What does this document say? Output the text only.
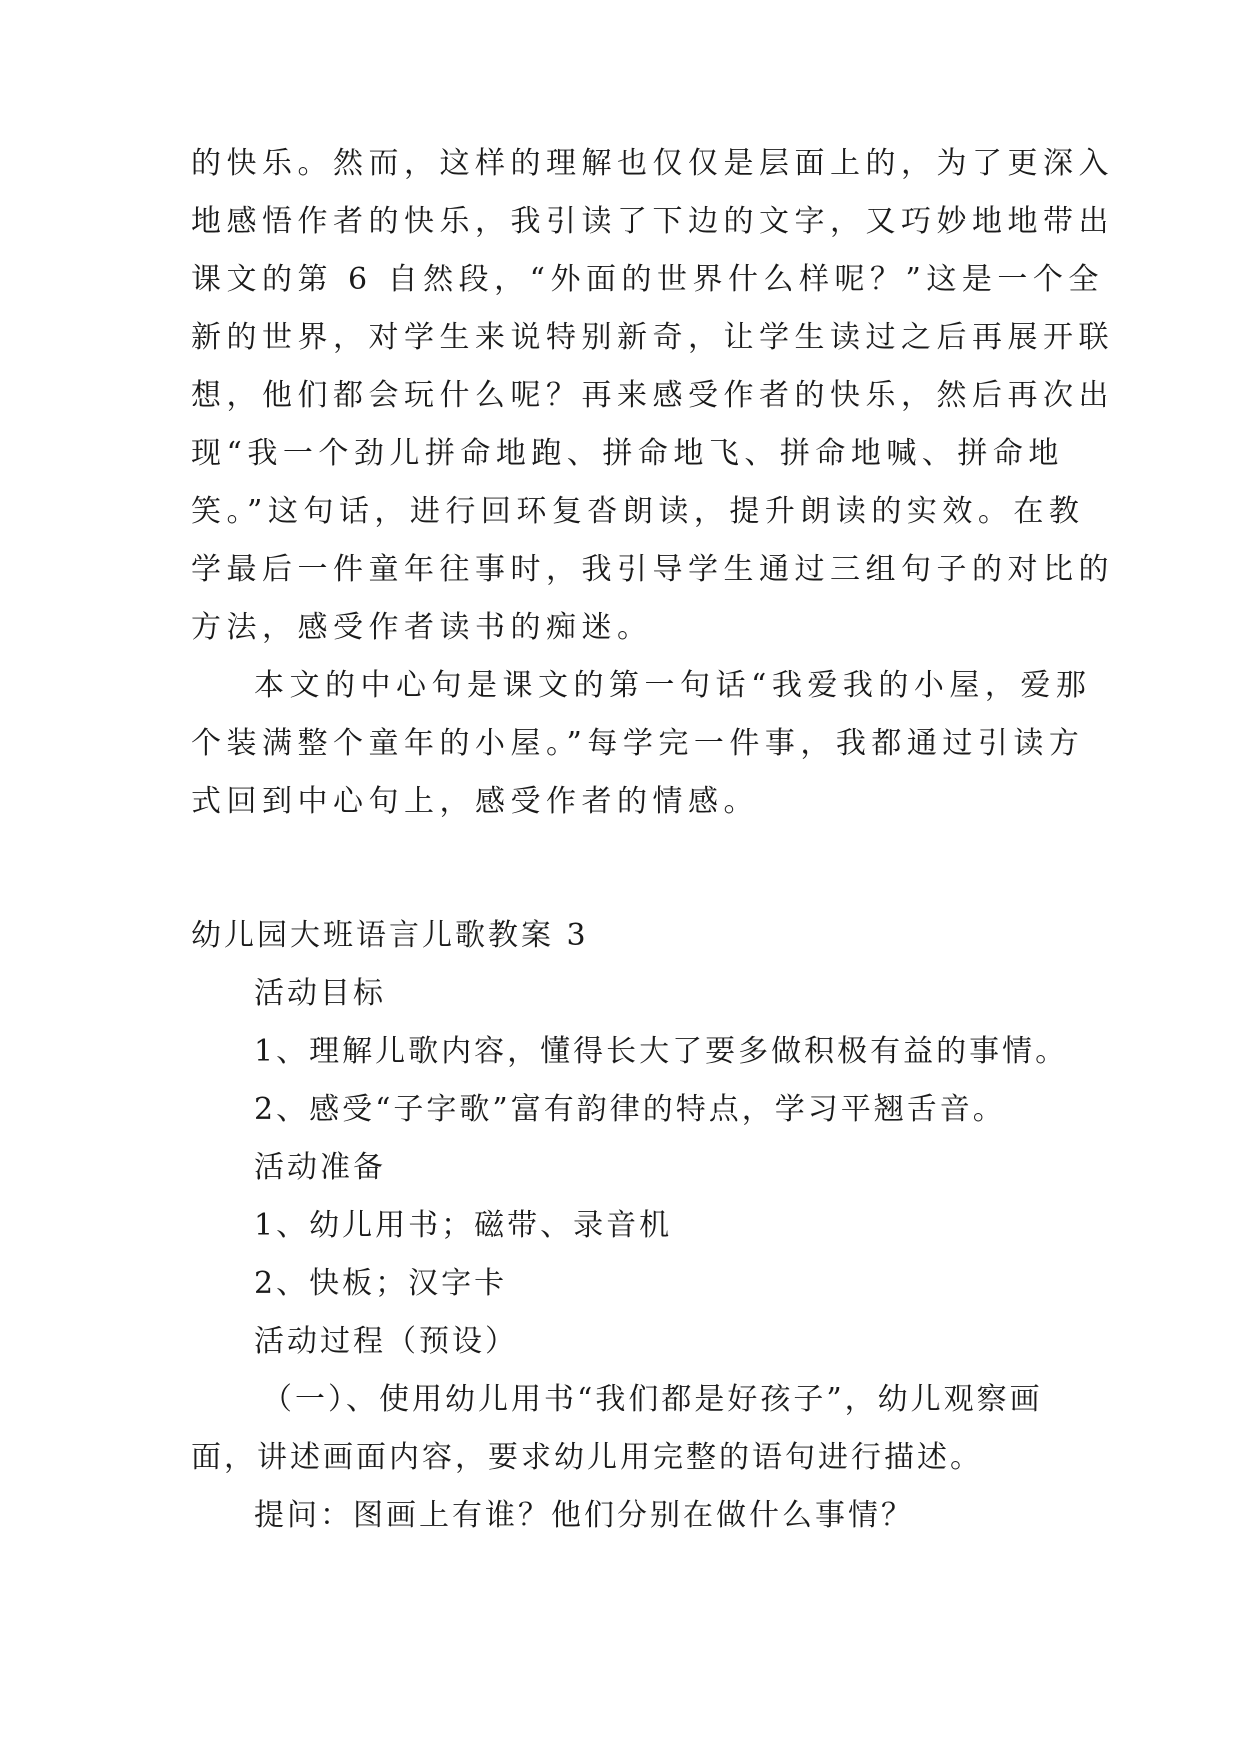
的快乐。然而，这样的理解也仅仅是层面上的，为了更深入
地感悟作者的快乐，我引读了下边的文字，又巧妙地地带出
课文的第 6 自然段，“外面的世界什么样呢？”这是一个全
新的世界，对学生来说特别新奇，让学生读过之后再展开联
想，他们都会玩什么呢？再来感受作者的快乐，然后再次出
现“我一个劲儿拼命地跑、拼命地飞、拼命地喊、拼命地
笑。”这句话，进行回环复沓朗读，提升朗读的实效。在教
学最后一件童年往事时，我引导学生通过三组句子的对比的
方法，感受作者读书的痴迷。
本文的中心句是课文的第一句话“我爱我的小屋，爱那
个装满整个童年的小屋。”每学完一件事，我都通过引读方
式回到中心句上，感受作者的情感。
幼儿园大班语言儿歌教案 3
活动目标
1、理解儿歌内容，懂得长大了要多做积极有益的事情。
2、感受“子字歌”富有韵律的特点，学习平翘舌音。
活动准备
1、幼儿用书；磁带、录音机
2、快板；汉字卡
活动过程（预设）
（一）、使用幼儿用书“我们都是好孩子”，幼儿观察画
面，讲述画面内容，要求幼儿用完整的语句进行描述。
提问：图画上有谁？他们分别在做什么事情？
